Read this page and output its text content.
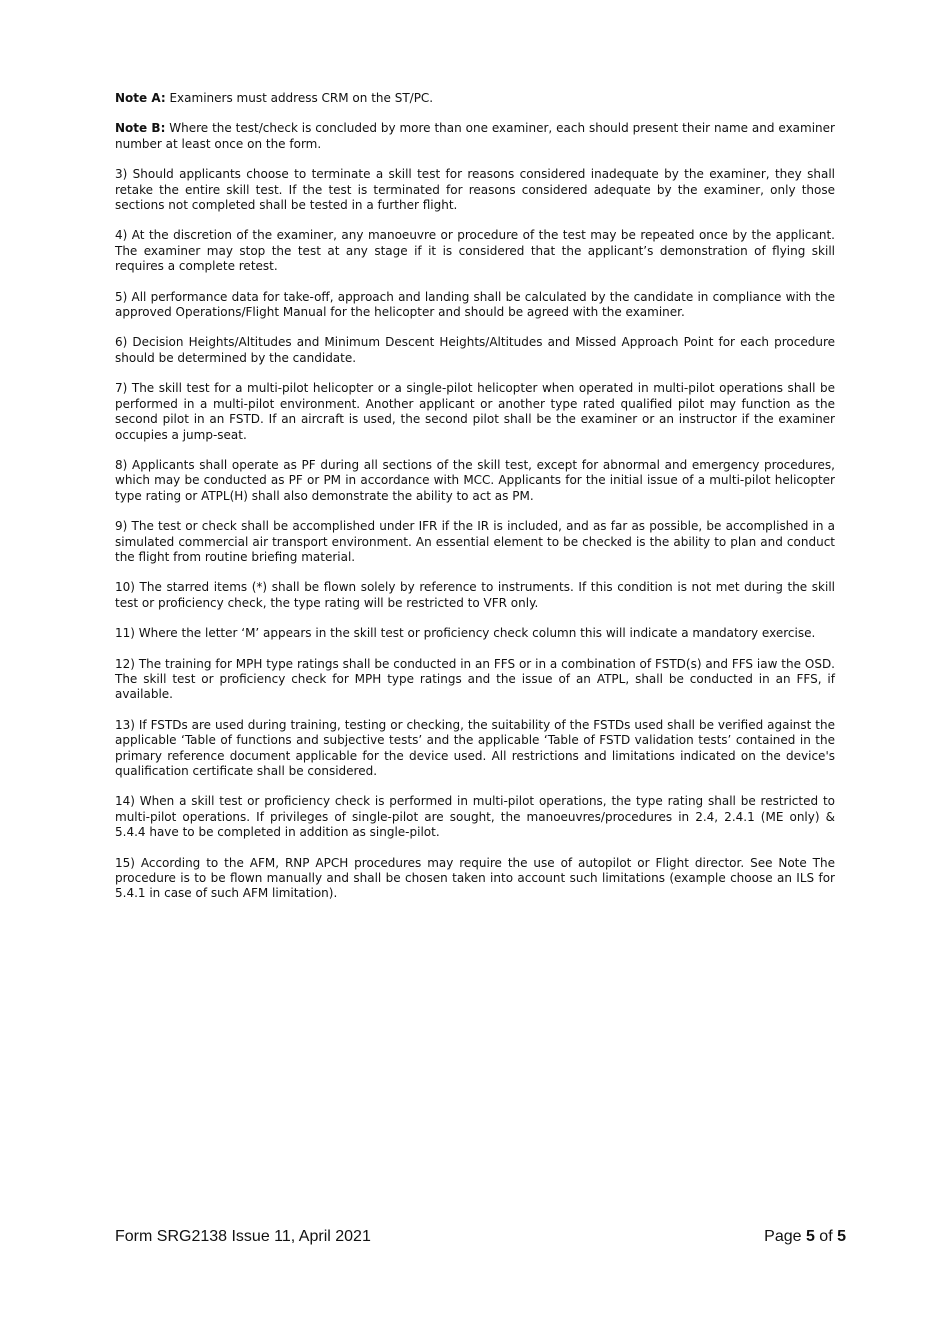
Note A: Examiners must address CRM on the ST/PC.

Note B: Where the test/check is concluded by more than one examiner, each should present their name and examiner number at least once on the form.

3) Should applicants choose to terminate a skill test for reasons considered inadequate by the examiner, they shall retake the entire skill test. If the test is terminated for reasons considered adequate by the examiner, only those sections not completed shall be tested in a further flight.

4) At the discretion of the examiner, any manoeuvre or procedure of the test may be repeated once by the applicant. The examiner may stop the test at any stage if it is considered that the applicant’s demonstration of flying skill requires a complete retest.

5) All performance data for take-off, approach and landing shall be calculated by the candidate in compliance with the approved Operations/Flight Manual for the helicopter and should be agreed with the examiner.

6) Decision Heights/Altitudes and Minimum Descent Heights/Altitudes and Missed Approach Point for each procedure should be determined by the candidate.

7) The skill test for a multi-pilot helicopter or a single-pilot helicopter when operated in multi-pilot operations shall be performed in a multi-pilot environment. Another applicant or another type rated qualified pilot may function as the second pilot in an FSTD. If an aircraft is used, the second pilot shall be the examiner or an instructor if the examiner occupies a jump-seat.

8) Applicants shall operate as PF during all sections of the skill test, except for abnormal and emergency procedures, which may be conducted as PF or PM in accordance with MCC. Applicants for the initial issue of a multi-pilot helicopter type rating or ATPL(H) shall also demonstrate the ability to act as PM.

9) The test or check shall be accomplished under IFR if the IR is included, and as far as possible, be accomplished in a simulated commercial air transport environment. An essential element to be checked is the ability to plan and conduct the flight from routine briefing material.

10) The starred items (*) shall be flown solely by reference to instruments. If this condition is not met during the skill test or proficiency check, the type rating will be restricted to VFR only.

11) Where the letter ‘M’ appears in the skill test or proficiency check column this will indicate a mandatory exercise.

12) The training for MPH type ratings shall be conducted in an FFS or in a combination of FSTD(s) and FFS iaw the OSD. The skill test or proficiency check for MPH type ratings and the issue of an ATPL, shall be conducted in an FFS, if available.

13) If FSTDs are used during training, testing or checking, the suitability of the FSTDs used shall be verified against the applicable ‘Table of functions and subjective tests’ and the applicable ‘Table of FSTD validation tests’ contained in the primary reference document applicable for the device used. All restrictions and limitations indicated on the device's qualification certificate shall be considered.

14) When a skill test or proficiency check is performed in multi-pilot operations, the type rating shall be restricted to multi-pilot operations. If privileges of single-pilot are sought, the manoeuvres/procedures in 2.4, 2.4.1 (ME only) & 5.4.4 have to be completed in addition as single-pilot.

15) According to the AFM, RNP APCH procedures may require the use of autopilot or Flight director. See Note The procedure is to be flown manually and shall be chosen taken into account such limitations (example choose an ILS for 5.4.1 in case of such AFM limitation).

Form SRG2138 Issue 11, April 2021	Page 5 of 5
